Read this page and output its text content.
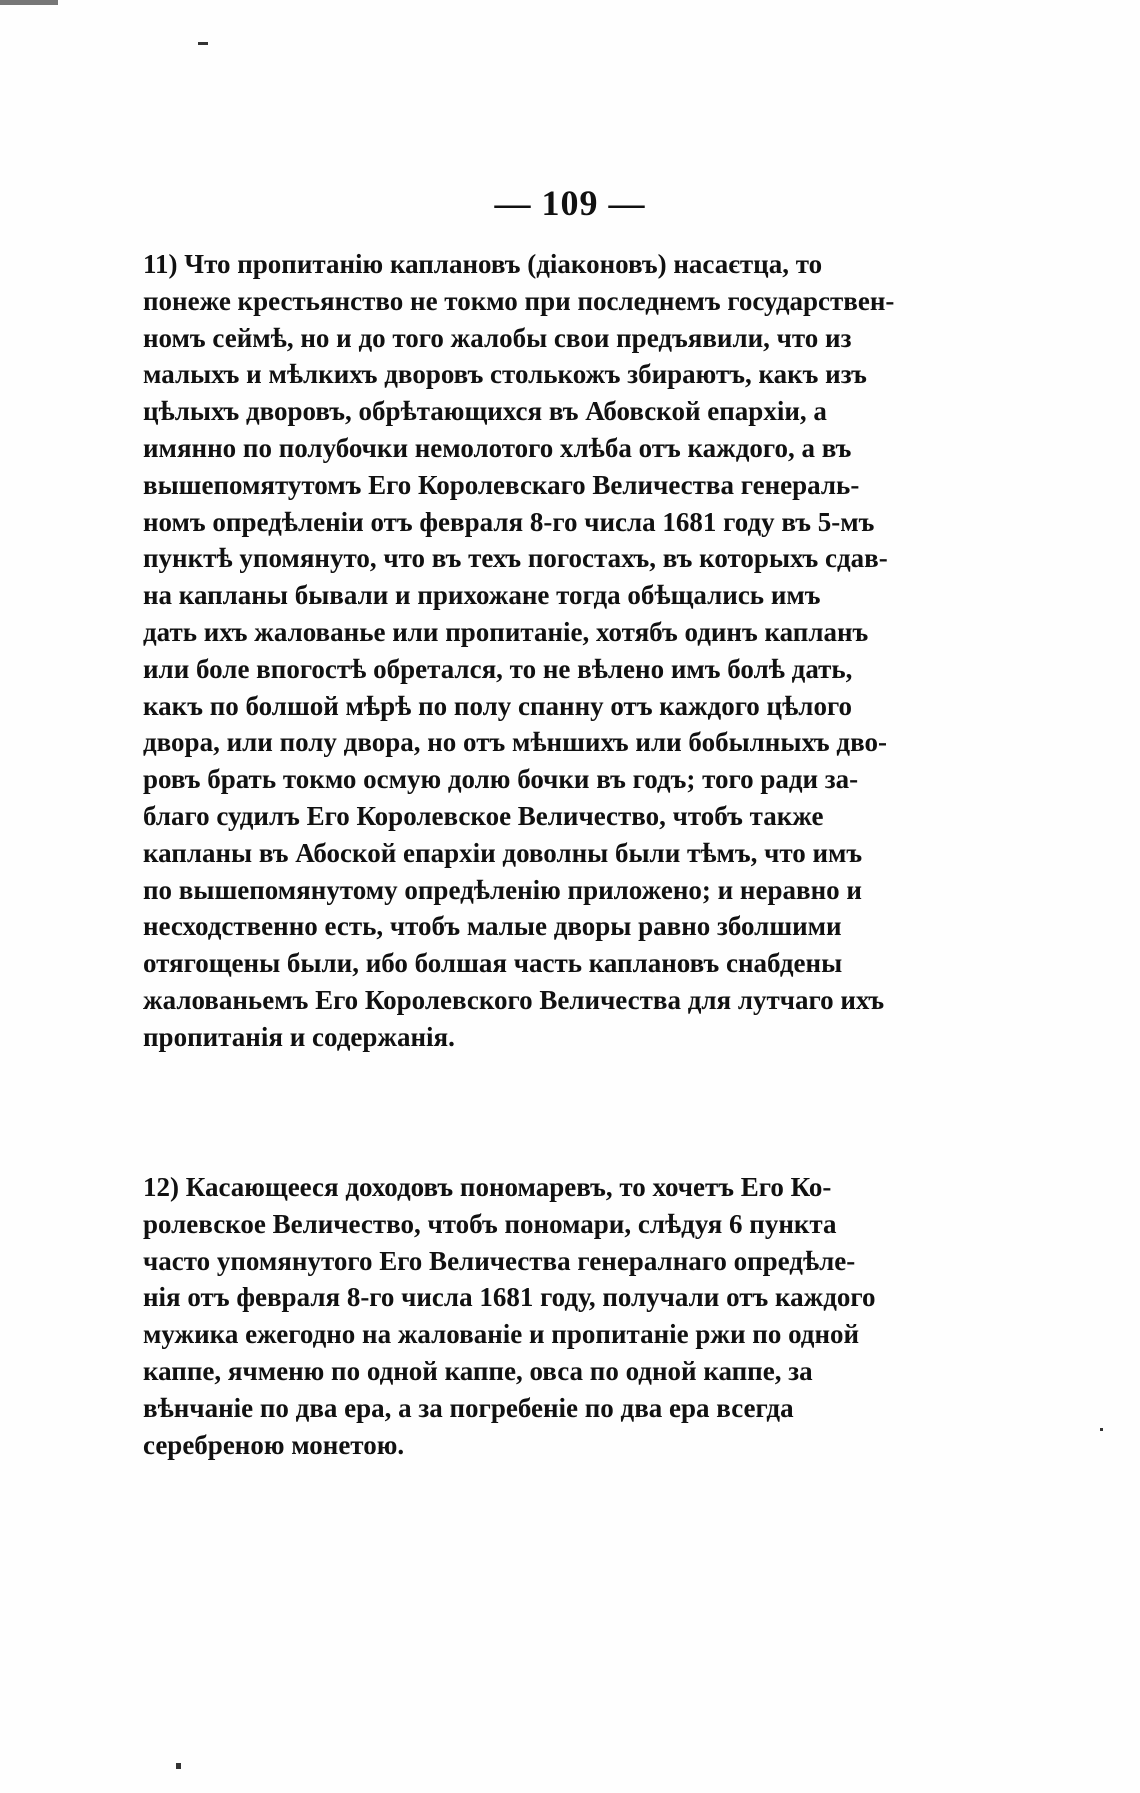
— 109 —
11) Что пропитанію каплановъ (діаконовъ) насаєтца, то
понеже крестьянство не токмо при последнемъ государствен-
номъ сеймѣ, но и до того жалобы свои предъявили, что из
малыхъ и мѣлкихъ дворовъ столькожъ збираютъ, какъ изъ
цѣлыхъ дворовъ, обрѣтающихся въ Абовской епархіи, а
имянно по полубочки немолотого хлѣба отъ каждого, а въ
вышепомятутомъ Его Королевскаго Величества генераль-
номъ опредѣленіи отъ февраля 8-го числа 1681 году въ 5-мъ
пунктѣ упомянуто, что въ техъ погостахъ, въ которыхъ сдав-
на капланы бывали и прихожане тогда обѣщались имъ
дать ихъ жалованье или пропитаніе, хотябъ одинъ капланъ
или боле впогостѣ обретался, то не вѣлено имъ болѣ дать,
какъ по болшой мѣрѣ по полу спанну отъ каждого цѣлого
двора, или полу двора, но отъ мѣншихъ или бобылныхъ дво-
ровъ брать токмо осмую долю бочки въ годъ; того ради за-
благо судилъ Его Королевское Величество, чтобъ также
капланы въ Абоской епархіи доволны были тѣмъ, что имъ
по вышепомянутому опредѣленію приложено; и неравно и
несходственно есть, чтобъ малые дворы равно зболшими
отягощены были, ибо болшая часть каплановъ снабдены
жалованьемъ Его Королевского Величества для лутчаго ихъ
пропитанія и содержанія.
12) Касающееся доходовъ пономаревъ, то хочетъ Его Ко-
ролевское Величество, чтобъ пономари, слѣдуя 6 пункта
часто упомянутого Его Величества генералнаго опредѣле-
нія отъ февраля 8-го числа 1681 году, получали отъ каждого
мужика ежегодно на жалованіе и пропитаніе ржи по одной
каппе, ячменю по одной каппе, овса по одной каппе, за
вѣнчаніе по два ера, а за погребеніе по два ера всегда
серебреною монетою.
